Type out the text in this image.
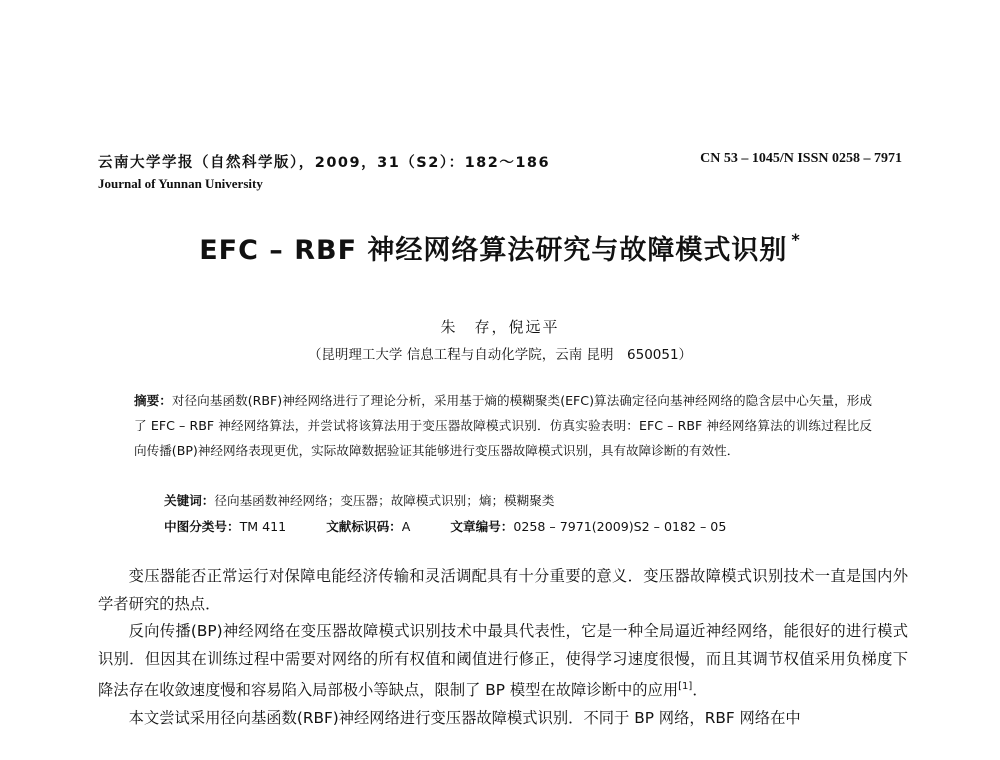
云南大学学报（自然科学版），2009，31（S2）：182～186	CN 53 – 1045/N ISSN 0258 – 7971
Journal of Yunnan University
EFC – RBF 神经网络算法研究与故障模式识别 *
朱　存，倪远平
（昆明理工大学 信息工程与自动化学院，云南 昆明　650051）
摘要：对径向基函数(RBF)神经网络进行了理论分析，采用基于熵的模糊聚类(EFC)算法确定径向基神经网络的隐含层中心矢量，形成了 EFC – RBF 神经网络算法，并尝试将该算法用于变压器故障模式识别．仿真实验表明：EFC – RBF 神经网络算法的训练过程比反向传播(BP)神经网络表现更优，实际故障数据验证其能够进行变压器故障模式识别，具有故障诊断的有效性．
关键词：径向基函数神经网络；变压器；故障模式识别；熵；模糊聚类
中图分类号：TM 411	文献标识码：A	文章编号：0258 – 7971(2009)S2 – 0182 – 05

变压器能否正常运行对保障电能经济传输和灵活调配具有十分重要的意义．变压器故障模式识别技术一直是国内外学者研究的热点．

反向传播(BP)神经网络在变压器故障模式识别技术中最具代表性，它是一种全局逼近神经网络，能很好的进行模式识别．但因其在训练过程中需要对网络的所有权值和阈值进行修正，使得学习速度很慢，而且其调节权值采用负梯度下降法存在收敛速度慢和容易陷入局部极小等缺点，限制了 BP 模型在故障诊断中的应用[1]．

本文尝试采用径向基函数(RBF)神经网络进行变压器故障模式识别．不同于 BP 网络，RBF 网络在中
